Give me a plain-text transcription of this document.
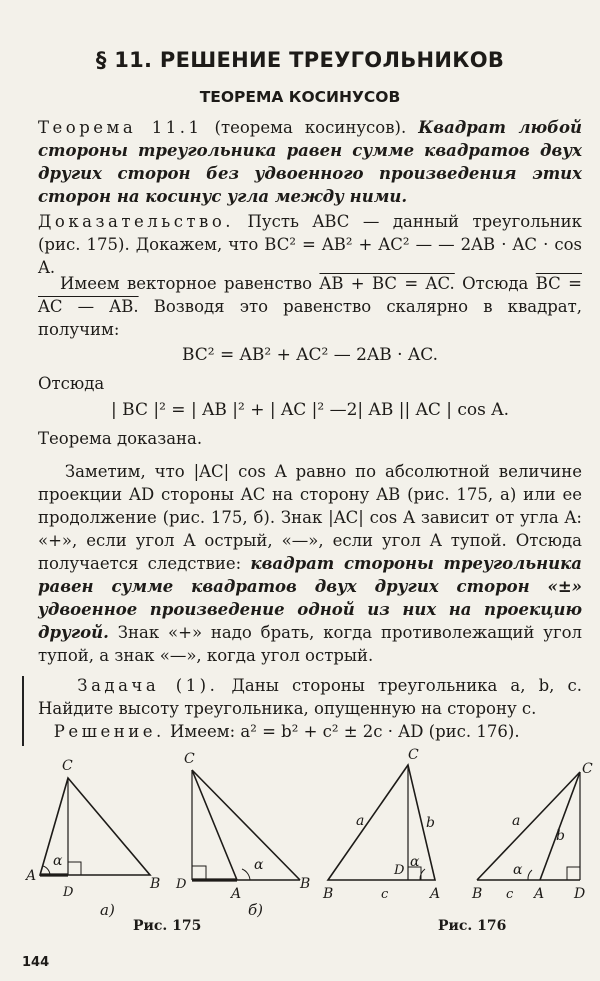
§ 11. РЕШЕНИЕ ТРЕУГОЛЬНИКОВ
ТЕОРЕМА КОСИНУСОВ
Теорема 11.1 (теорема косинусов). Квадрат любой стороны треугольника равен сумме квадратов двух других сторон без удвоенного произведения этих сторон на косинус угла между ними.
Доказательство. Пусть ABC — данный треугольник (рис. 175). Докажем, что BC² = AB² + AC² — — 2AB · AC · cos A.
Имеем векторное равенство AB + BC = AC. Отсюда BC = AC — AB. Возводя это равенство скалярно в квадрат, получим:
BC² = AB² + AC² — 2AB · AC.
Отсюда
| BC |² = | AB |² + | AC |² —2| AB || AC | cos A.
Теорема доказана.
Заметим, что |AC| cos A равно по абсолютной величине проекции AD стороны AC на сторону AB (рис. 175, а) или ее продолжение (рис. 175, б). Знак |AC| cos A зависит от угла A: «+», если угол A острый, «—», если угол A тупой. Отсюда получается следствие: квадрат стороны треугольника равен сумме квадратов двух других сторон «±» удвоенное произведение одной из них на проекцию другой. Знак «+» надо брать, когда противолежащий угол тупой, а знак «—», когда угол острый.
Задача (1). Даны стороны треугольника a, b, c. Найдите высоту треугольника, опущенную на сторону c.
Решение. Имеем: a² = b² + c² ± 2c · AD (рис. 176).
C
A
D
B
α
а)
C
D
A
B
α
б)
C
B
D
A
a	b
c
α
C
B	A D
a
b
c
α
Рис. 175	Рис. 176
144
